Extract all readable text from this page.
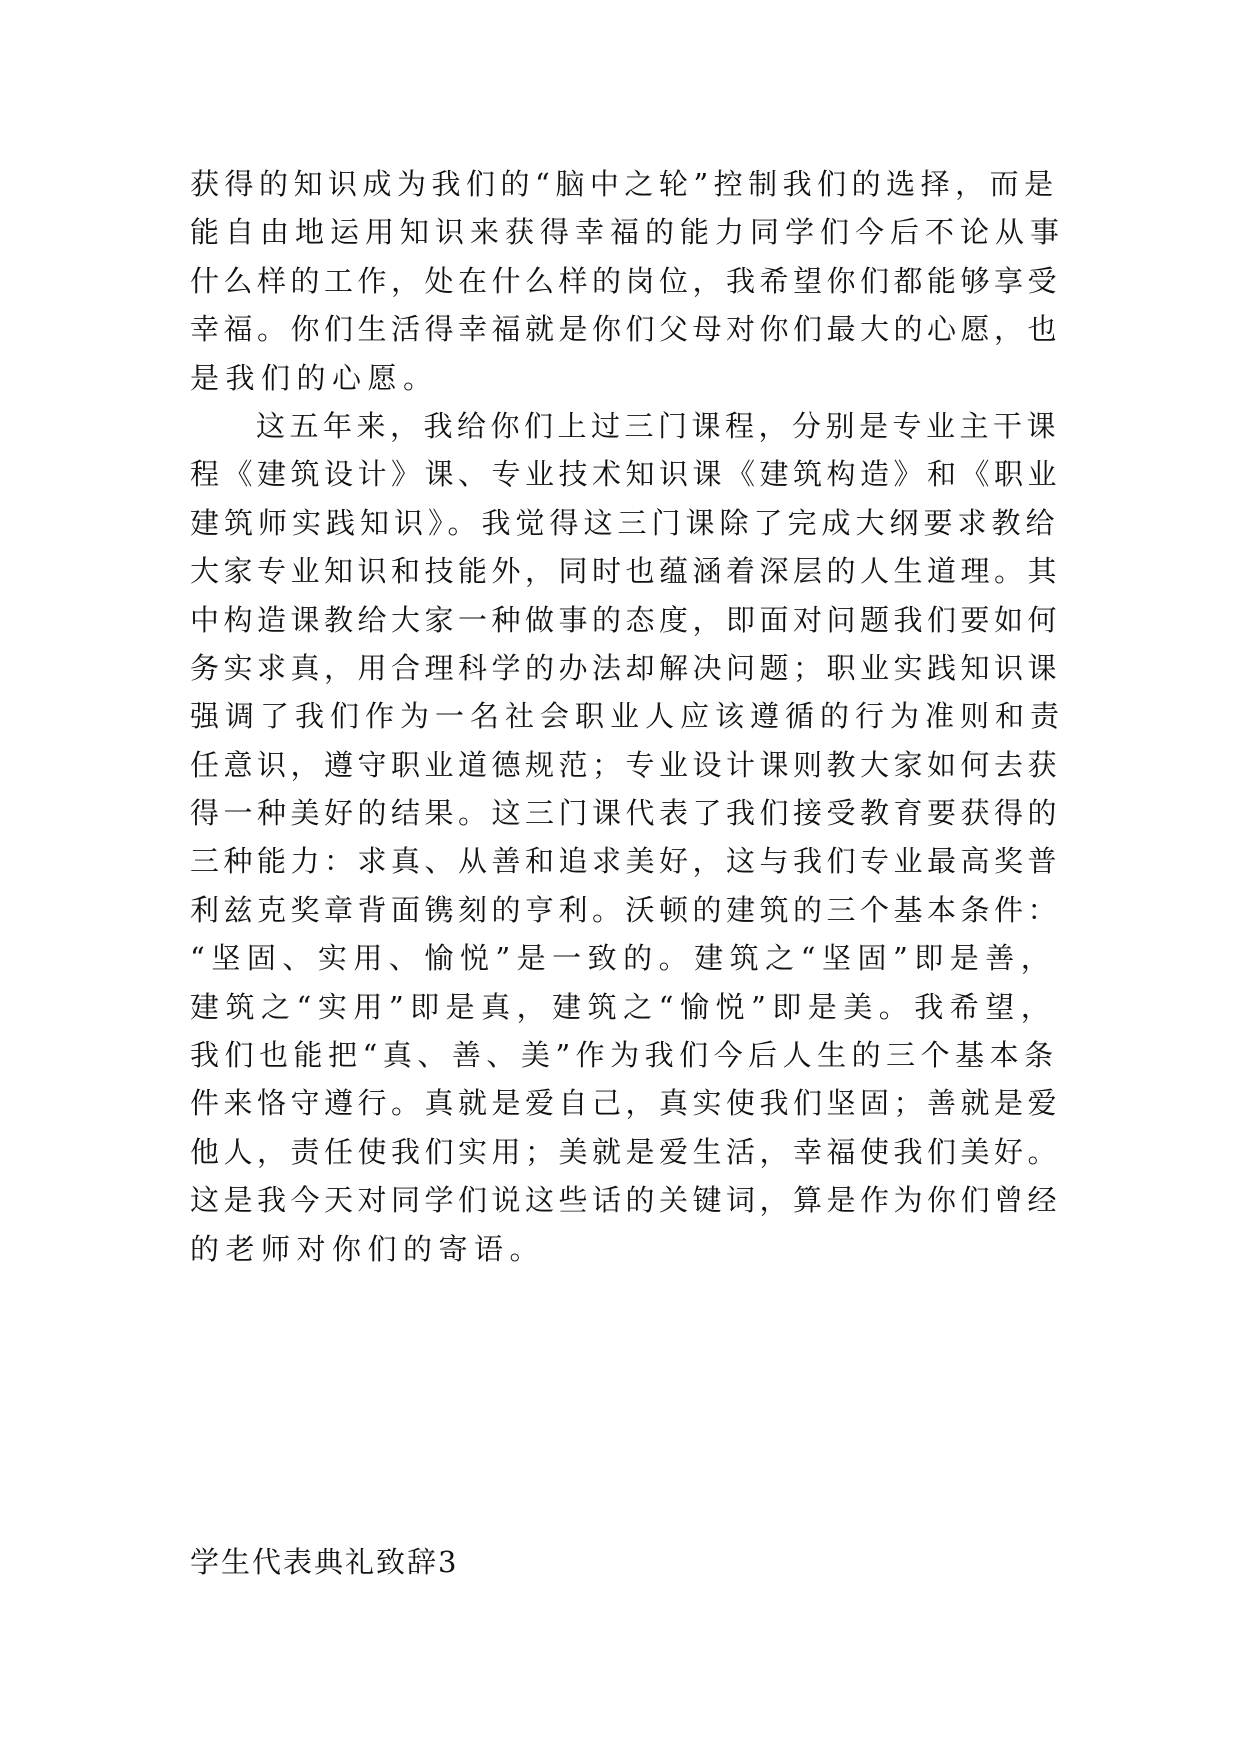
获得的知识成为我们的“脑中之轮”控制我们的选择，而是
能自由地运用知识来获得幸福的能力同学们今后不论从事
什么样的工作，处在什么样的岗位，我希望你们都能够享受
幸福。你们生活得幸福就是你们父母对你们最大的心愿，也
是我们的心愿。
这五年来，我给你们上过三门课程，分别是专业主干课
程《建筑设计》课、专业技术知识课《建筑构造》和《职业
建筑师实践知识》。我觉得这三门课除了完成大纲要求教给
大家专业知识和技能外，同时也蕴涵着深层的人生道理。其
中构造课教给大家一种做事的态度，即面对问题我们要如何
务实求真，用合理科学的办法却解决问题；职业实践知识课
强调了我们作为一名社会职业人应该遵循的行为准则和责
任意识，遵守职业道德规范；专业设计课则教大家如何去获
得一种美好的结果。这三门课代表了我们接受教育要获得的
三种能力：求真、从善和追求美好，这与我们专业最高奖普
利兹克奖章背面镌刻的亨利。沃顿的建筑的三个基本条件：
“坚固、实用、愉悦”是一致的。建筑之“坚固”即是善，
建筑之“实用”即是真，建筑之“愉悦”即是美。我希望，
我们也能把“真、善、美”作为我们今后人生的三个基本条
件来恪守遵行。真就是爱自己，真实使我们坚固；善就是爱
他人，责任使我们实用；美就是爱生活，幸福使我们美好。
这是我今天对同学们说这些话的关键词，算是作为你们曾经
的老师对你们的寄语。
学生代表典礼致辞3
